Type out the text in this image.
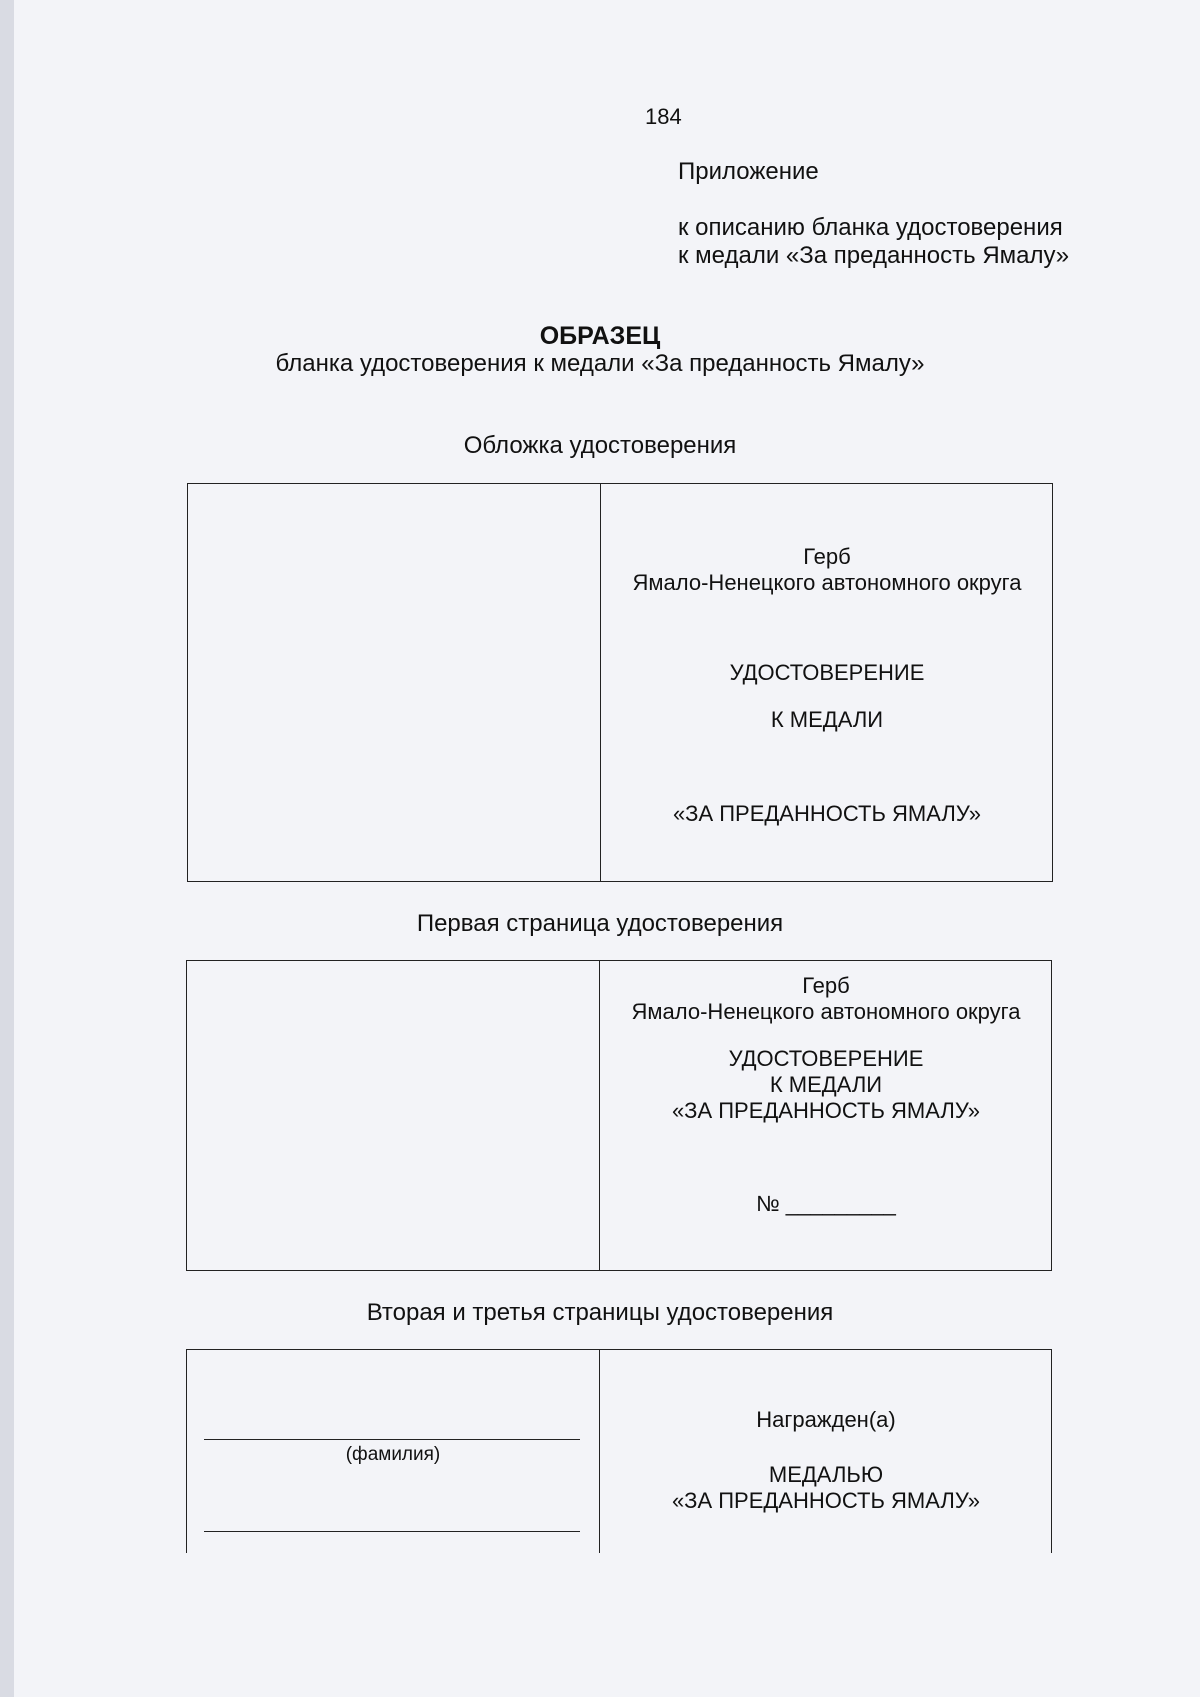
184
Приложение
к описанию бланка удостоверения
к медали «За преданность Ямалу»
ОБРАЗЕЦ
бланка удостоверения к медали «За преданность Ямалу»
Обложка удостоверения
Герб
Ямало-Ненецкого автономного округа
УДОСТОВЕРЕНИЕ
К МЕДАЛИ
«ЗА ПРЕДАННОСТЬ ЯМАЛУ»
Первая страница удостоверения
Герб
Ямало-Ненецкого автономного округа
УДОСТОВЕРЕНИЕ
К МЕДАЛИ
«ЗА ПРЕДАННОСТЬ ЯМАЛУ»
№ _________
Вторая и третья страницы удостоверения
(фамилия)
Награжден(а)
МЕДАЛЬЮ
«ЗА ПРЕДАННОСТЬ ЯМАЛУ»
